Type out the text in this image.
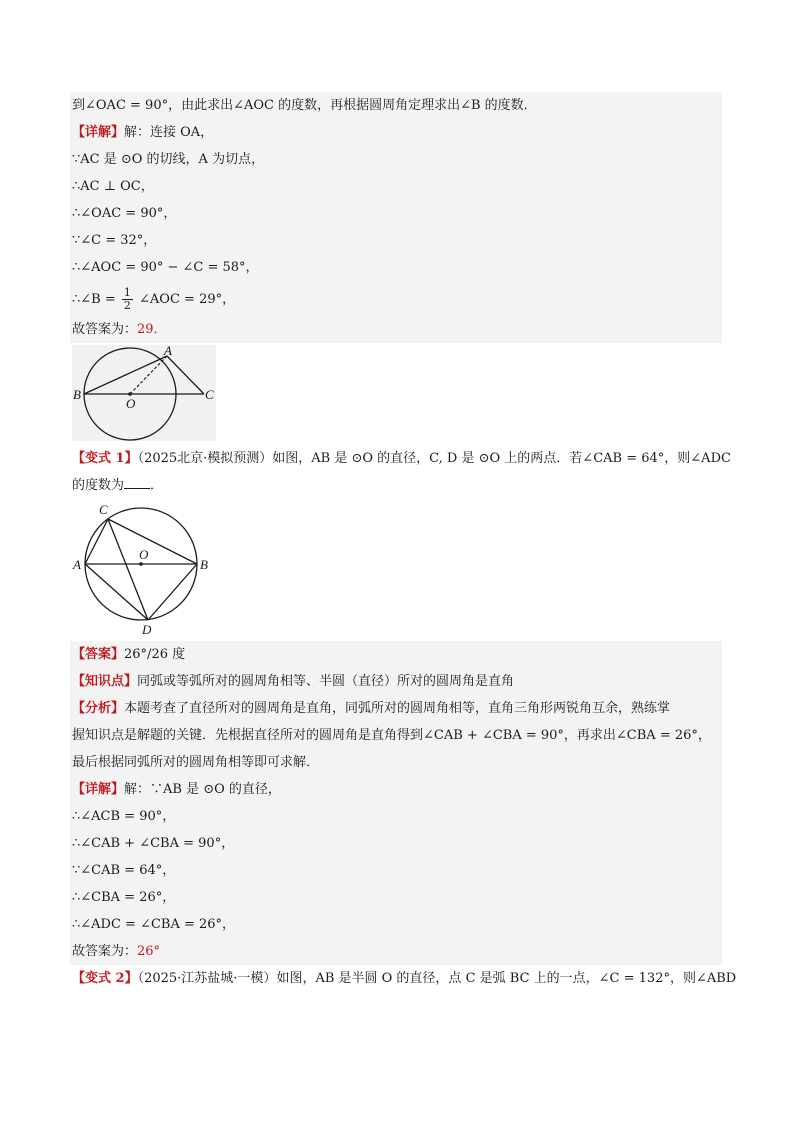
到∠OAC = 90°，由此求出∠AOC 的度数，再根据圆周角定理求出∠B 的度数．
【详解】解：连接 OA，
∵AC 是 ⊙O 的切线，A 为切点，
∴AC ⊥ OC，
∴∠OAC = 90°，
∵∠C = 32°，
∴∠AOC = 90° − ∠C = 58°，
∴∠B = $\frac{1}{2}$ ∠AOC = 29°，
故答案为：29．
A
B
O
C
【变式 1】（2025北京·模拟预测）如图，AB 是 ⊙O 的直径，C, D 是 ⊙O 上的两点．若∠CAB = 64°，则∠ADC
的度数为 ．
C
A	B
D
O
【答案】26°/26 度
【知识点】同弧或等弧所对的圆周角相等、半圆（直径）所对的圆周角是直角
【分析】本题考查了直径所对的圆周角是直角，同弧所对的圆周角相等，直角三角形两锐角互余，熟练掌
握知识点是解题的关键．先根据直径所对的圆周角是直角得到∠CAB + ∠CBA = 90°，再求出∠CBA = 26°，
最后根据同弧所对的圆周角相等即可求解．
【详解】解：∵AB 是 ⊙O 的直径，
∴∠ACB = 90°，
∴∠CAB + ∠CBA = 90°，
∵∠CAB = 64°，
∴∠CBA = 26°，
∴∠ADC = ∠CBA = 26°，
故答案为：26°
【变式 2】（2025·江苏盐城·一模）如图，AB 是半圆 O 的直径，点 C 是弧 BC 上的一点，∠C = 132°，则∠ABD
